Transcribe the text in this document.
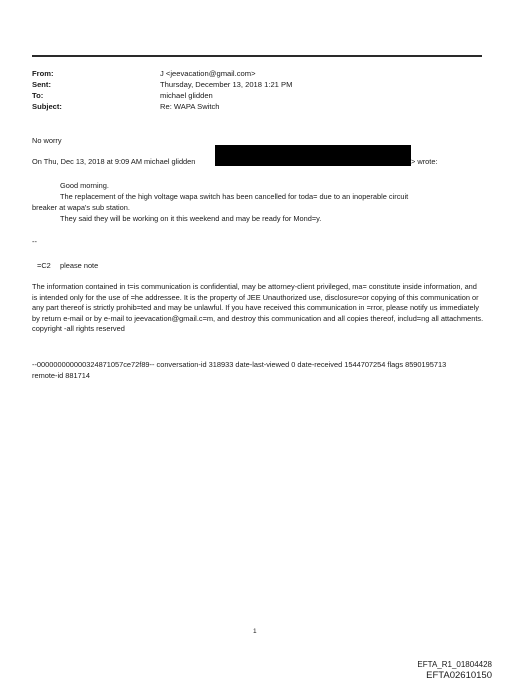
From:	J <jeevacation@gmail.com>
Sent:	Thursday, December 13, 2018 1:21 PM
To:	michael glidden
Subject:	Re: WAPA Switch
No worry
On Thu, Dec 13, 2018 at 9:09 AM michael glidden	> wrote:
Good morning.
The replacement of the high voltage wapa switch has been cancelled for toda= due to an inoperable circuit
breaker at wapa's sub station.
They said they will be working on it this weekend and may be ready for Mond=y.
--
=C2 please note
The information contained in t=is communication is confidential, may be attorney-client privileged, ma= constitute inside information, and is intended only for the use of =he addressee. It is the property of JEE Unauthorized use, disclosure=or copying of this communication or any part thereof is strictly prohib=ted and may be unlawful. If you have received this communication in =rror, please notify us immediately by return e-mail or by e-mail to jeevacation@gmail.c=m, and destroy this communication and all copies thereof, includ=ng all attachments. copyright -all rights reserved
--000000000000324871057ce72f89-- conversation-id 318933 date-last-viewed 0 date-received 1544707254 flags 8590195713 remote-id 881714
1
EFTA_R1_01804428
EFTA02610150
